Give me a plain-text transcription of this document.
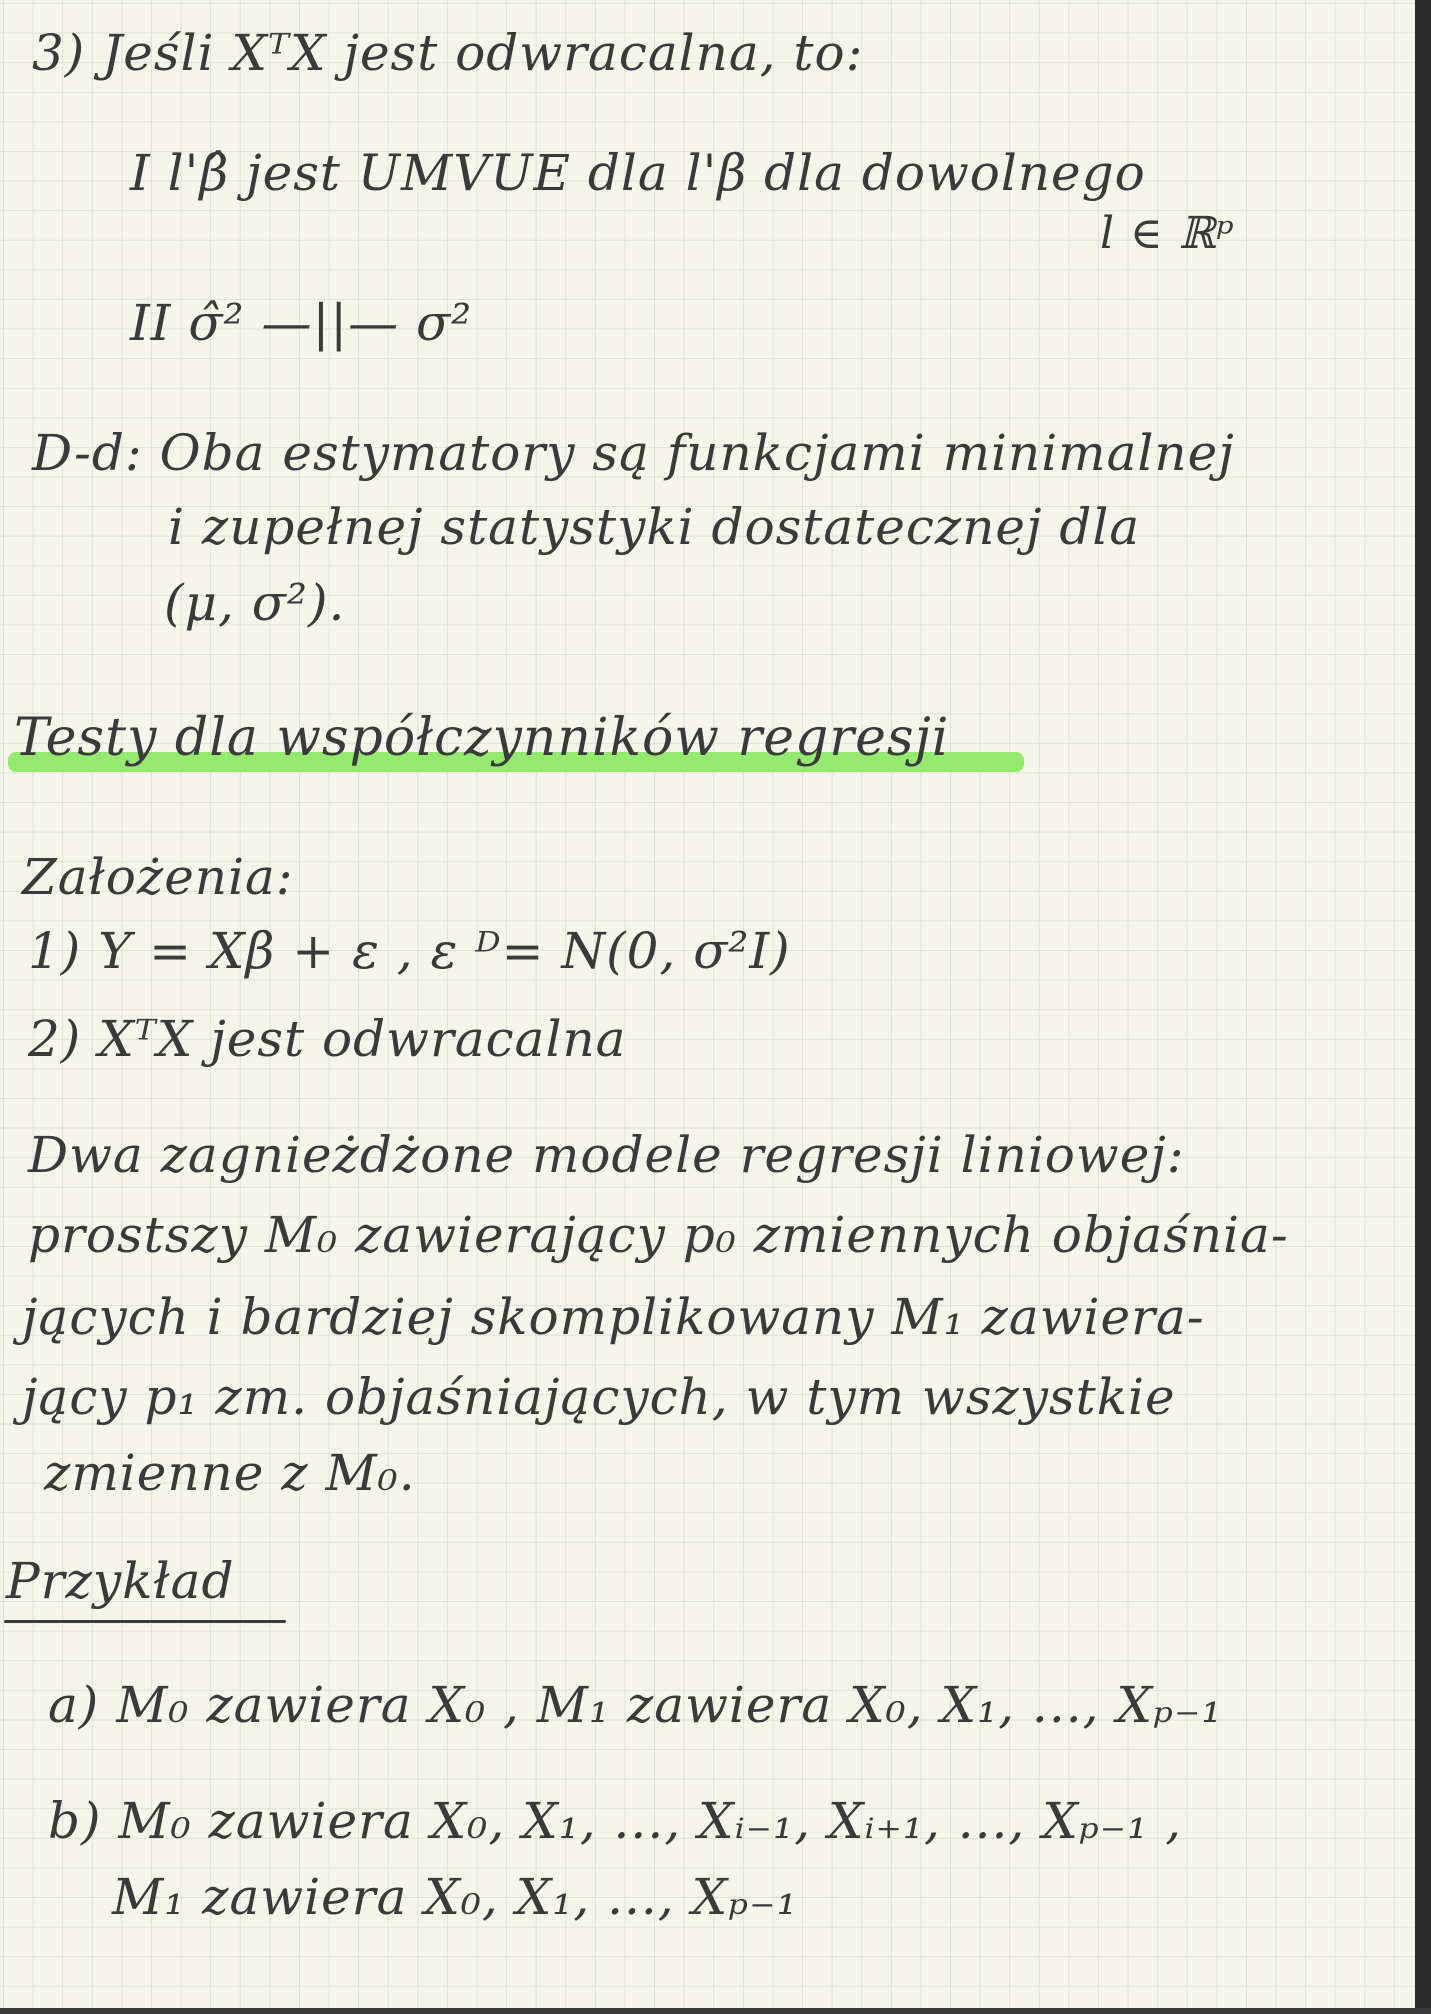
3) Jeśli XᵀX jest odwracalna, to:
I l'β̂ jest UMVUE dla l'β dla dowolnego
l ∈ ℝᵖ
II σ̂² —||— σ²
D-d: Oba estymatory są funkcjami minimalnej
i zupełnej statystyki dostatecznej dla
(μ, σ²).
Testy dla współczynników regresji
Założenia:
1) Y = Xβ + ε , ε ᴰ= N(0, σ²I)
2) XᵀX jest odwracalna
Dwa zagnieżdżone modele regresji liniowej:
prostszy M₀ zawierający p₀ zmiennych objaśnia-
jących i bardziej skomplikowany M₁ zawiera-
jący p₁ zm. objaśniających, w tym wszystkie
zmienne z M₀.
Przykład
a) M₀ zawiera X₀ , M₁ zawiera X₀, X₁, ..., Xₚ₋₁
b) M₀ zawiera X₀, X₁, ..., Xᵢ₋₁, Xᵢ₊₁, ..., Xₚ₋₁ ,
M₁ zawiera X₀, X₁, ..., Xₚ₋₁
